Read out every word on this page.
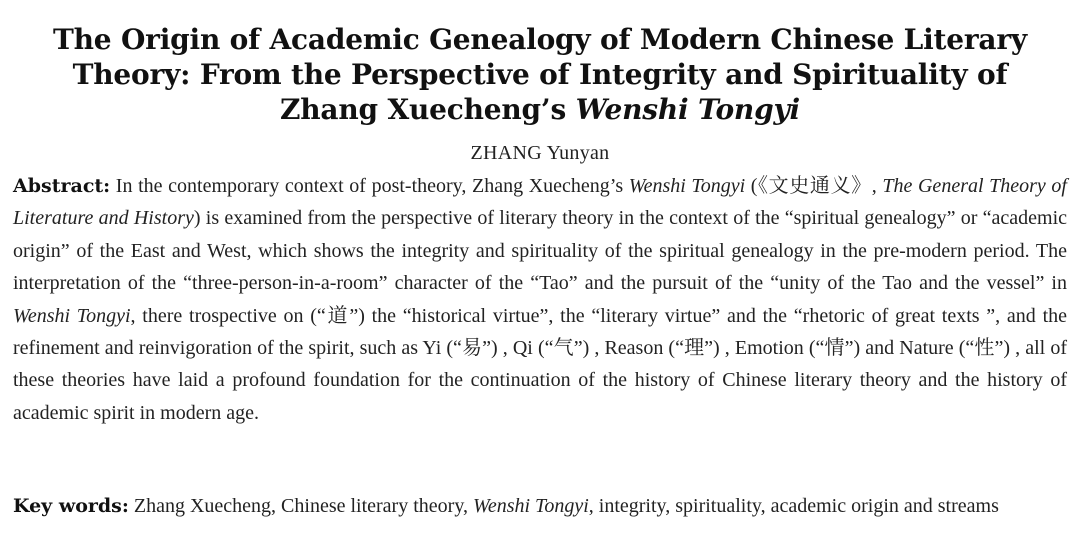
The Origin of Academic Genealogy of Modern Chinese Literary
Theory: From the Perspective of Integrity and Spirituality of
Zhang Xuecheng’s Wenshi Tongyi
ZHANG Yunyan

Abstract: In the contemporary context of post-theory, Zhang Xuecheng’s Wenshi Tongyi (《文史通义》, The General Theory of Literature and History) is examined from the perspective of literary theory in the context of the “spiritual genealogy” or “academic origin” of the East and West, which shows the integrity and spirituality of the spiritual genealogy in the pre-modern period. The interpretation of the “three-person-in-a-room” character of the “Tao” and the pursuit of the “unity of the Tao and the vessel” in Wenshi Tongyi, there trospective on (“道”) the “historical virtue”, the “literary virtue” and the “rhetoric of great texts ”, and the refinement and reinvigoration of the spirit, such as Yi (“易”) , Qi (“气”) , Reason (“理”) , Emotion (“情”) and Nature (“性”) , all of these theories have laid a profound foundation for the continuation of the history of Chinese literary theory and the history of academic spirit in modern age.

Key words: Zhang Xuecheng, Chinese literary theory, Wenshi Tongyi, integrity, spirituality, academic origin and streams
